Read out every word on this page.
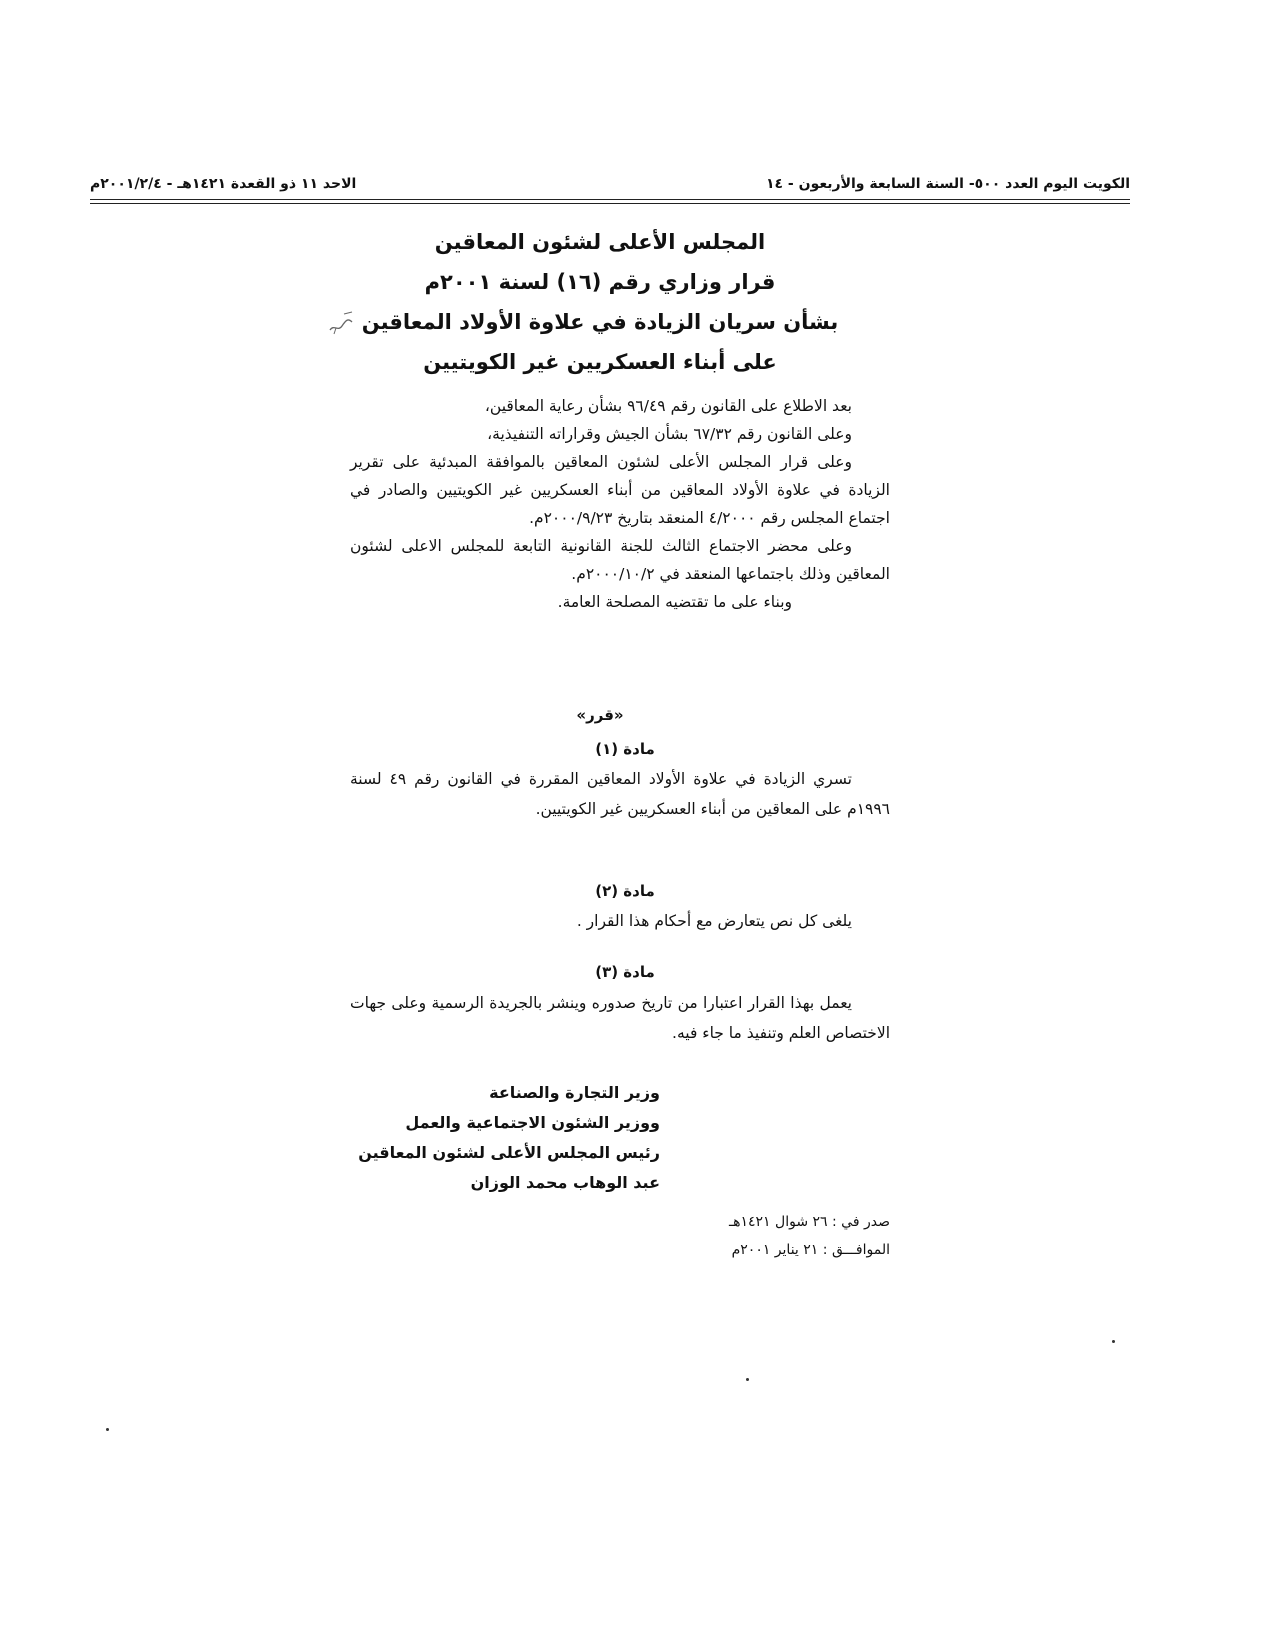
الكويت اليوم العدد ٥٠٠- السنة السابعة والأربعون - ١٤
الاحد ١١ ذو القعدة ١٤٢١هـ - ٢٠٠١/٢/٤م
المجلس الأعلى لشئون المعاقين
قرار وزاري رقم (١٦) لسنة ٢٠٠١م
بشأن سريان الزيادة في علاوة الأولاد المعاقين
على أبناء العسكريين غير الكويتيين

بعد الاطلاع على القانون رقم ٩٦/٤٩ بشأن رعاية المعاقين،

وعلى القانون رقم ٦٧/٣٢ بشأن الجيش وقراراته التنفيذية،

وعلى قرار المجلس الأعلى لشئون المعاقين بالموافقة المبدئية على تقرير الزيادة في علاوة الأولاد المعاقين من أبناء العسكريين غير الكويتيين والصادر في اجتماع المجلس رقم ٤/٢٠٠٠ المنعقد بتاريخ ٢٠٠٠/٩/٢٣م.

وعلى محضر الاجتماع الثالث للجنة القانونية التابعة للمجلس الاعلى لشئون المعاقين وذلك باجتماعها المنعقد في ٢٠٠٠/١٠/٢م.

وبناء على ما تقتضيه المصلحة العامة.

«قرر»
مادة (١)

تسري الزيادة في علاوة الأولاد المعاقين المقررة في القانون رقم ٤٩ لسنة ١٩٩٦م على المعاقين من أبناء العسكريين غير الكويتيين.

مادة (٢)

يلغى كل نص يتعارض مع أحكام هذا القرار .

مادة (٣)

يعمل بهذا القرار اعتبارا من تاريخ صدوره وينشر بالجريدة الرسمية وعلى جهات الاختصاص العلم وتنفيذ ما جاء فيه.

وزير التجارة والصناعة
ووزير الشئون الاجتماعية والعمل
رئيس المجلس الأعلى لشئون المعاقين
عبد الوهاب محمد الوزان
صدر في : ٢٦ شوال ١٤٢١هـ
الموافـــق : ٢١ يناير ٢٠٠١م
